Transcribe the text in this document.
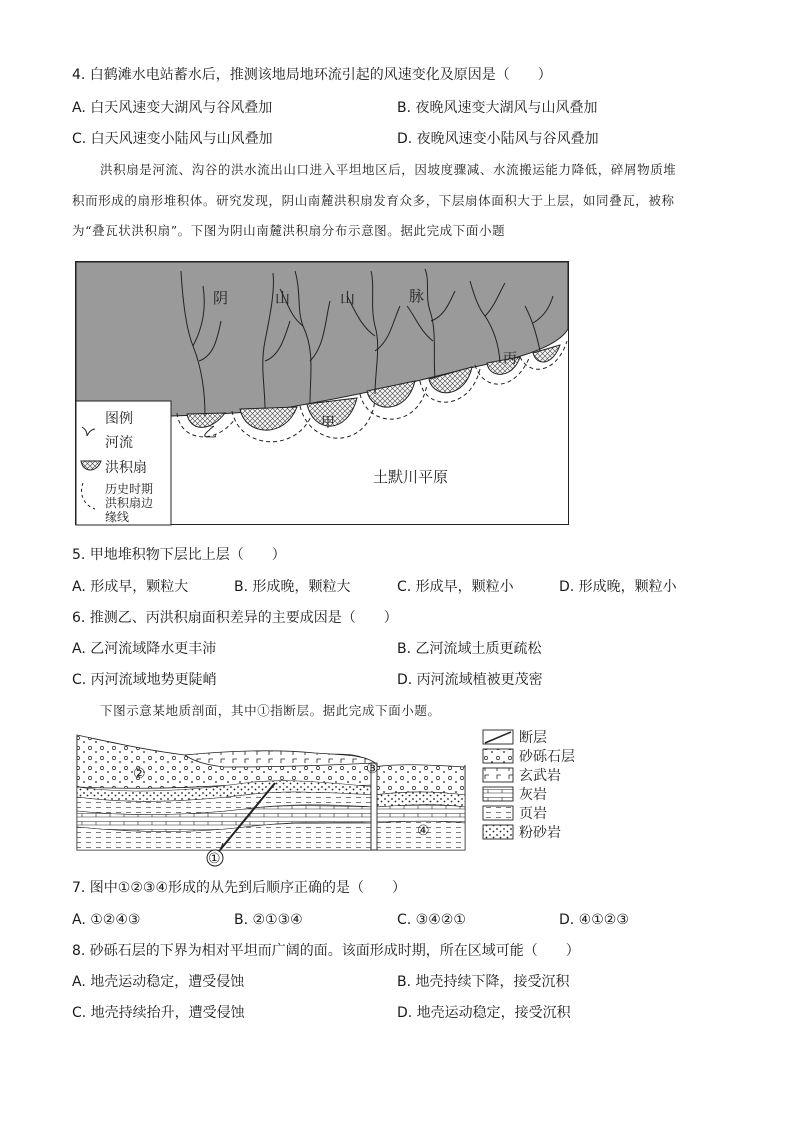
4. 白鹤滩水电站蓄水后，推测该地局地环流引起的风速变化及原因是（　　）
A. 白天风速变大湖风与谷风叠加	B. 夜晚风速变大湖风与山风叠加
C. 白天风速变小陆风与山风叠加	D. 夜晚风速变小陆风与谷风叠加
洪积扇是河流、沟谷的洪水流出山口进入平坦地区后，因坡度骤减、水流搬运能力降低，碎屑物质堆
积而形成的扇形堆积体。研究发现，阴山南麓洪积扇发育众多，下层扇体面积大于上层，如同叠瓦，被称
为“叠瓦状洪积扇”。下图为阴山南麓洪积扇分布示意图。据此完成下面小题
阴	山	山	脉
乙
甲
丙
土默川平原
图例
河流
洪积扇
历史时期
洪积扇边
缘线
5. 甲地堆积物下层比上层（　　）
A. 形成早，颗粒大	B. 形成晚，颗粒大	C. 形成早，颗粒小	D. 形成晚，颗粒小
6. 推测乙、丙洪积扇面积差异的主要成因是（　　）
A. 乙河流域降水更丰沛	B. 乙河流域土质更疏松
C. 丙河流域地势更陡峭	D. 丙河流域植被更茂密
下图示意某地质剖面，其中①指断层。据此完成下面小题。
①
②	③
④
断层
砂砾石层
玄武岩
灰岩
页岩
粉砂岩
7. 图中①②③④形成的从先到后顺序正确的是（　　）
A. ①②④③	B. ②①③④	C. ③④②①	D. ④①②③
8. 砂砾石层的下界为相对平坦而广阔的面。该面形成时期，所在区域可能（　　）
A. 地壳运动稳定，遭受侵蚀	B. 地壳持续下降，接受沉积
C. 地壳持续抬升，遭受侵蚀	D. 地壳运动稳定，接受沉积
